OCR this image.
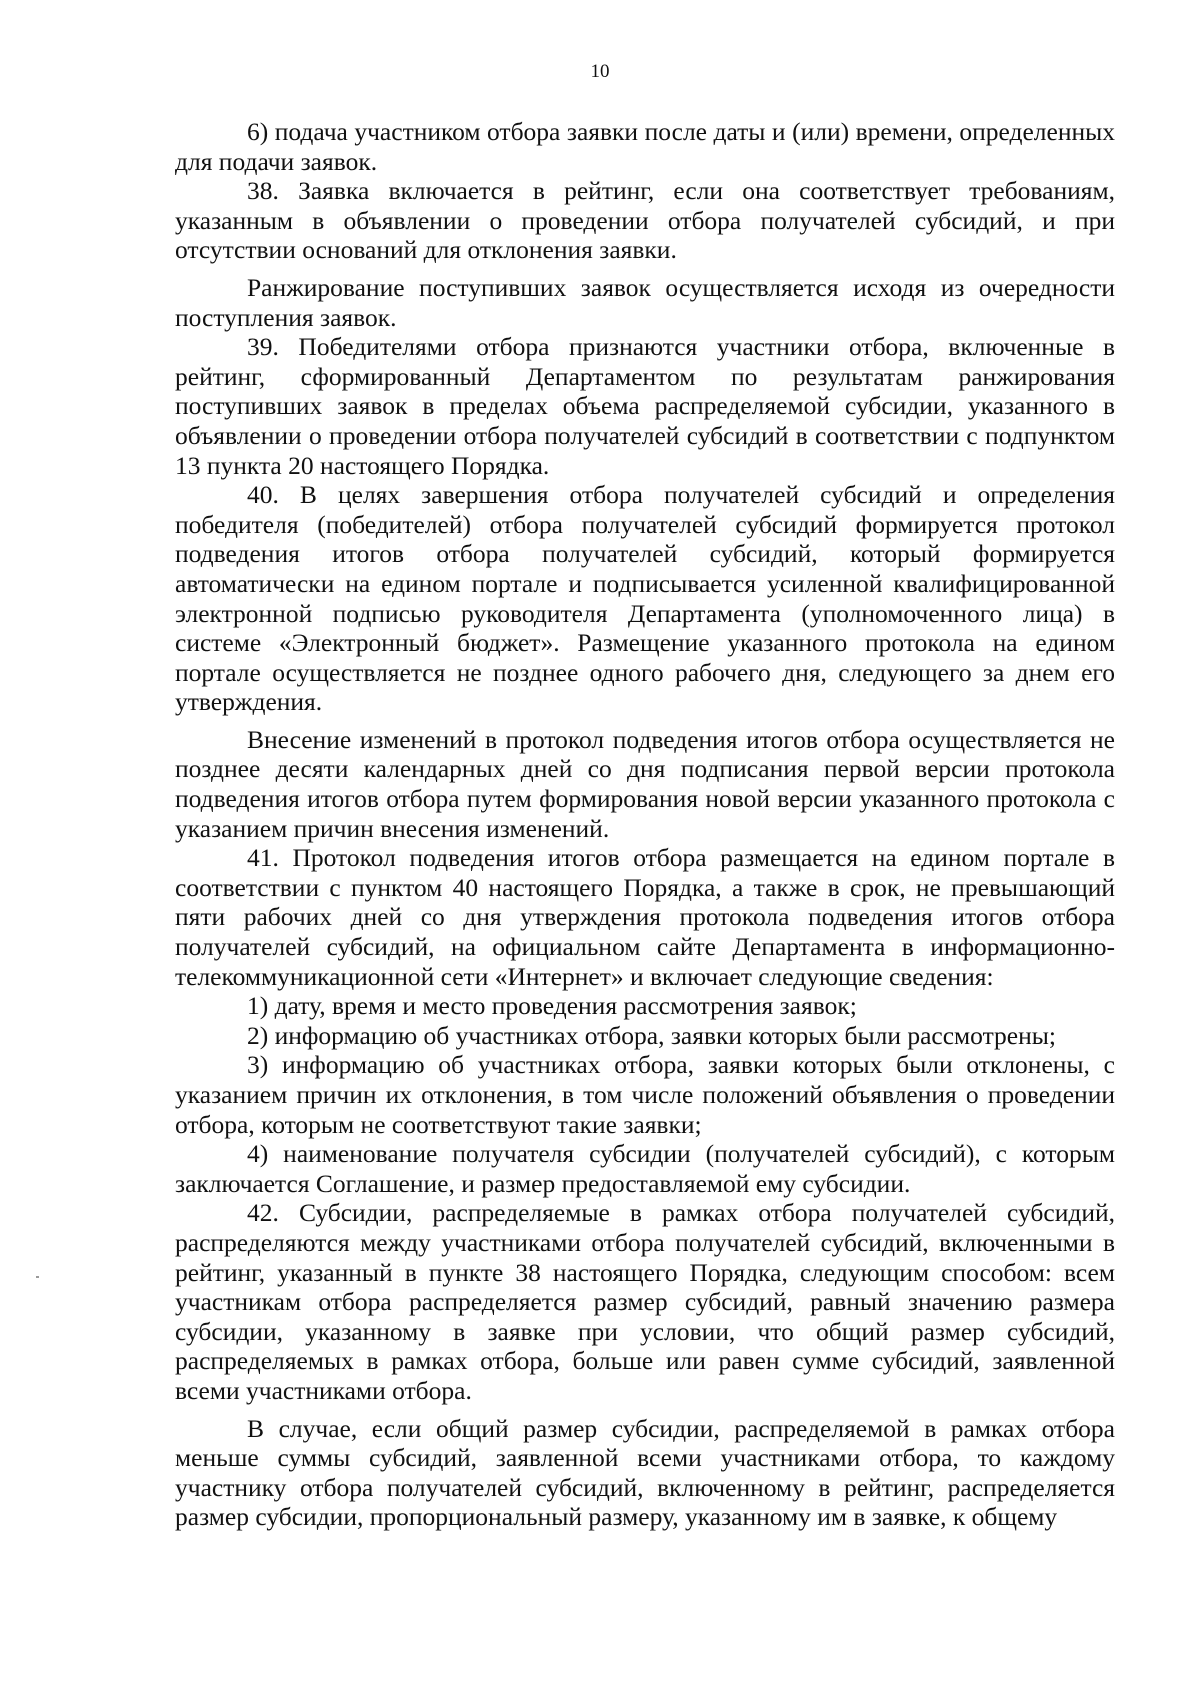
10

6) подача участником отбора заявки после даты и (или) времени, определенных для подачи заявок.

38. Заявка включается в рейтинг, если она соответствует требованиям, указанным в объявлении о проведении отбора получателей субсидий, и при отсутствии оснований для отклонения заявки.

Ранжирование поступивших заявок осуществляется исходя из очередности поступления заявок.

39. Победителями отбора признаются участники отбора, включенные в рейтинг, сформированный Департаментом по результатам ранжирования поступивших заявок в пределах объема распределяемой субсидии, указанного в объявлении о проведении отбора получателей субсидий в соответствии с подпунктом 13 пункта 20 настоящего Порядка.

40. В целях завершения отбора получателей субсидий и определения победителя (победителей) отбора получателей субсидий формируется протокол подведения итогов отбора получателей субсидий, который формируется автоматически на едином портале и подписывается усиленной квалифицированной электронной подписью руководителя Департамента (уполномоченного лица) в системе «Электронный бюджет». Размещение указанного протокола на едином портале осуществляется не позднее одного рабочего дня, следующего за днем его утверждения.

Внесение изменений в протокол подведения итогов отбора осуществляется не позднее десяти календарных дней со дня подписания первой версии протокола подведения итогов отбора путем формирования новой версии указанного протокола с указанием причин внесения изменений.

41. Протокол подведения итогов отбора размещается на едином портале в соответствии с пунктом 40 настоящего Порядка, а также в срок, не превышающий пяти рабочих дней со дня утверждения протокола подведения итогов отбора получателей субсидий, на официальном сайте Департамента в информационно-телекоммуникационной сети «Интернет» и включает следующие сведения:

1) дату, время и место проведения рассмотрения заявок;

2) информацию об участниках отбора, заявки которых были рассмотрены;

3) информацию об участниках отбора, заявки которых были отклонены, с указанием причин их отклонения, в том числе положений объявления о проведении отбора, которым не соответствуют такие заявки;

4) наименование получателя субсидии (получателей субсидий), с которым заключается Соглашение, и размер предоставляемой ему субсидии.

42. Субсидии, распределяемые в рамках отбора получателей субсидий, распределяются между участниками отбора получателей субсидий, включенными в рейтинг, указанный в пункте 38 настоящего Порядка, следующим способом: всем участникам отбора распределяется размер субсидий, равный значению размера субсидии, указанному в заявке при условии, что общий размер субсидий, распределяемых в рамках отбора, больше или равен сумме субсидий, заявленной всеми участниками отбора.

В случае, если общий размер субсидии, распределяемой в рамках отбора меньше суммы субсидий, заявленной всеми участниками отбора, то каждому участнику отбора получателей субсидий, включенному в рейтинг, распределяется размер субсидии, пропорциональный размеру, указанному им в заявке, к общему
